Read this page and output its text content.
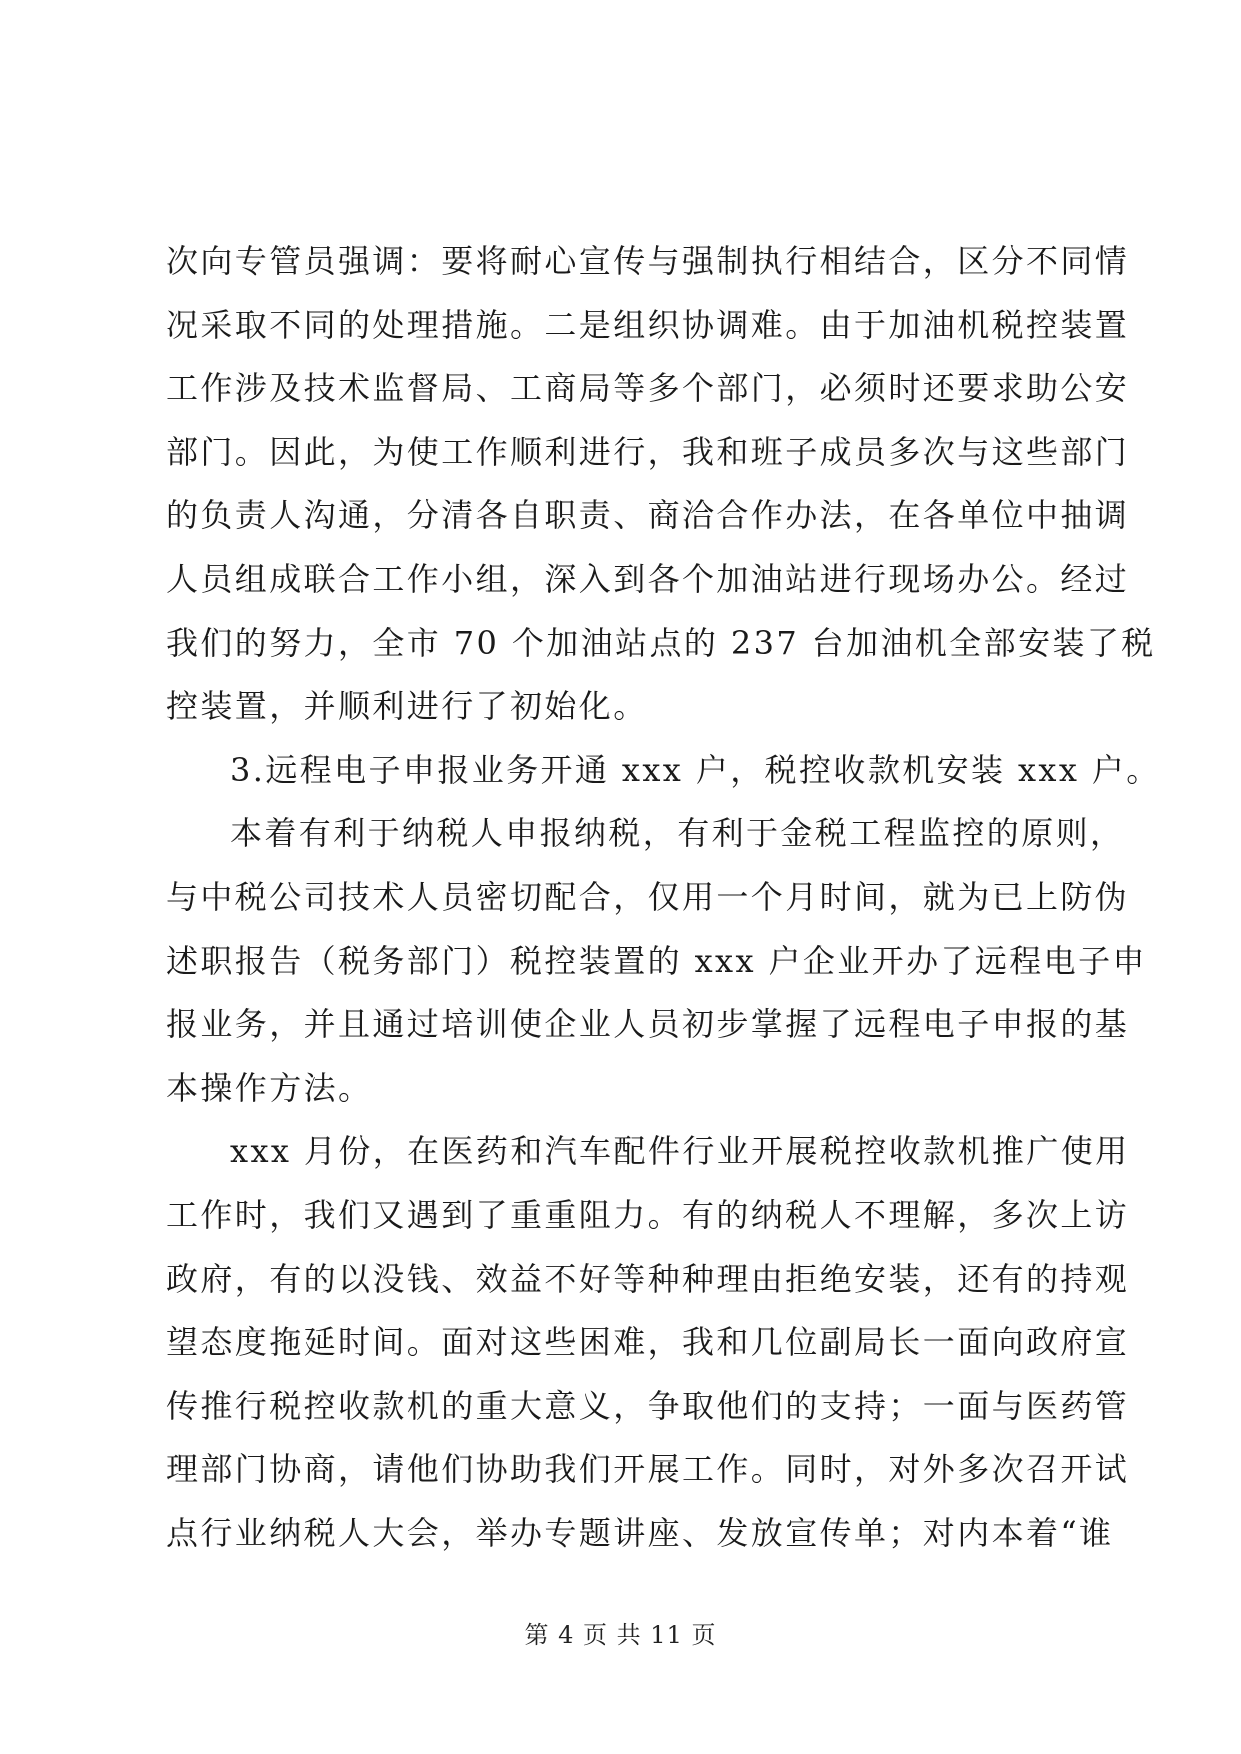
次向专管员强调：要将耐心宣传与强制执行相结合，区分不同情
况采取不同的处理措施。二是组织协调难。由于加油机税控装置
工作涉及技术监督局、工商局等多个部门，必须时还要求助公安
部门。因此，为使工作顺利进行，我和班子成员多次与这些部门
的负责人沟通，分清各自职责、商洽合作办法，在各单位中抽调
人员组成联合工作小组，深入到各个加油站进行现场办公。经过
我们的努力，全市 70 个加油站点的 237 台加油机全部安装了税
控装置，并顺利进行了初始化。
3.远程电子申报业务开通 xxx 户，税控收款机安装 xxx 户。
本着有利于纳税人申报纳税，有利于金税工程监控的原则，
与中税公司技术人员密切配合，仅用一个月时间，就为已上防伪
述职报告（税务部门）税控装置的 xxx 户企业开办了远程电子申
报业务，并且通过培训使企业人员初步掌握了远程电子申报的基
本操作方法。
xxx 月份，在医药和汽车配件行业开展税控收款机推广使用
工作时，我们又遇到了重重阻力。有的纳税人不理解，多次上访
政府，有的以没钱、效益不好等种种理由拒绝安装，还有的持观
望态度拖延时间。面对这些困难，我和几位副局长一面向政府宣
传推行税控收款机的重大意义，争取他们的支持；一面与医药管
理部门协商，请他们协助我们开展工作。同时，对外多次召开试
点行业纳税人大会，举办专题讲座、发放宣传单；对内本着“谁
第 4 页 共 11 页
